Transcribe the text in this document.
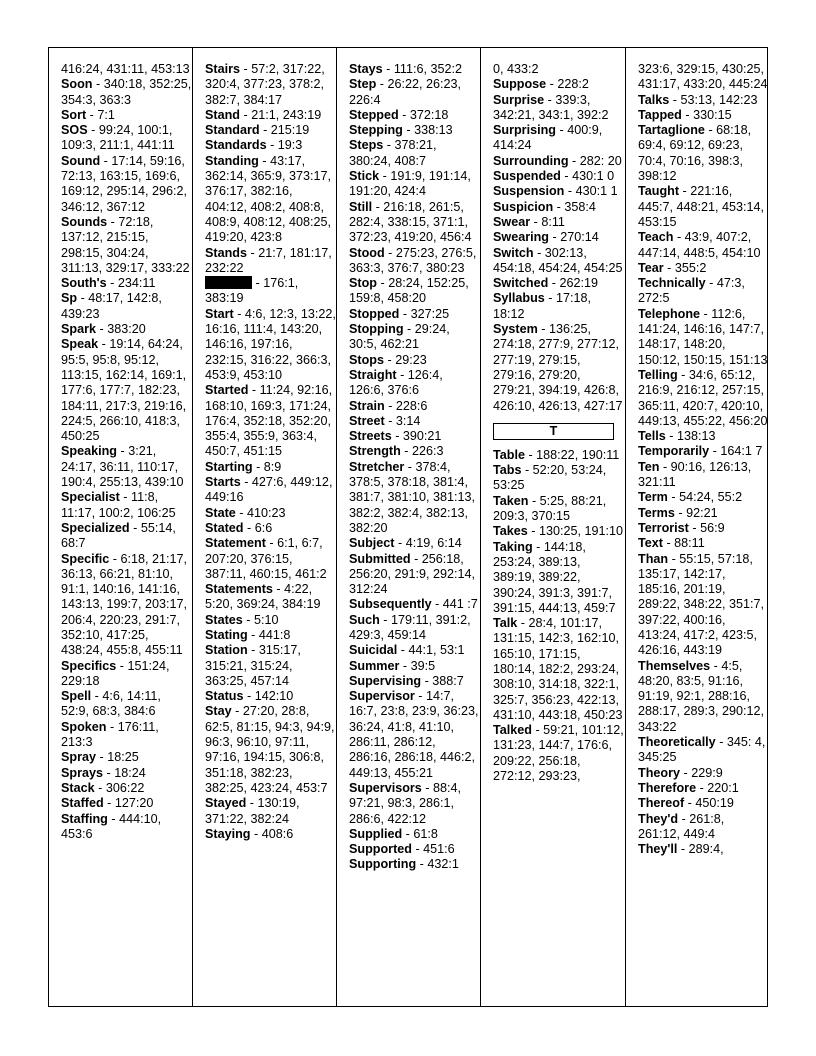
416:24, 431:11, 453:13
Soon - 340:18, 352:25, 354:3, 363:3
Sort - 7:1
SOS - 99:24, 100:1, 109:3, 211:1, 441:11
Sound - 17:14, 59:16, 72:13, 163:15, 169:6, 169:12, 295:14, 296:2, 346:12, 367:12
Sounds - 72:18, 137:12, 215:15, 298:15, 304:24, 311:13, 329:17, 333:22
South's - 234:11
Sp - 48:17, 142:8, 439:23
Spark - 383:20
Speak - 19:14, 64:24, 95:5, 95:8, 95:12, 113:15, 162:14, 169:1, 177:6, 177:7, 182:23, 184:11, 217:3, 219:16, 224:5, 266:10, 418:3, 450:25
Speaking - 3:21, 24:17, 36:11, 110:17, 190:4, 255:13, 439:10
Specialist - 11:8, 11:17, 100:2, 106:25
Specialized - 55:14, 68:7
Specific - 6:18, 21:17, 36:13, 66:21, 81:10, 91:1, 140:16, 141:16, 143:13, 199:7, 203:17, 206:4, 220:23, 291:7, 352:10, 417:25, 438:24, 455:8, 455:11
Specifics - 151:24, 229:18
Spell - 4:6, 14:11, 52:9, 68:3, 384:6
Spoken - 176:11, 213:3
Spray - 18:25
Sprays - 18:24
Stack - 306:22
Staffed - 127:20
Staffing - 444:10, 453:6
Stairs - 57:2, 317:22, 320:4, 377:23, 378:2, 382:7, 384:17
Stand - 21:1, 243:19
Standard - 215:19
Standards - 19:3
Standing - 43:17, 362:14, 365:9, 373:17, 376:17, 382:16, 404:12, 408:2, 408:8, 408:9, 408:12, 408:25, 419:20, 423:8
Stands - 21:7, 181:17, 232:22
- 176:1, 383:19
Start - 4:6, 12:3, 13:22, 16:16, 111:4, 143:20, 146:16, 197:16, 232:15, 316:22, 366:3, 453:9, 453:10
Started - 11:24, 92:16, 168:10, 169:3, 171:24, 176:4, 352:18, 352:20, 355:4, 355:9, 363:4, 450:7, 451:15
Starting - 8:9
Starts - 427:6, 449:12, 449:16
State - 410:23
Stated - 6:6
Statement - 6:1, 6:7, 207:20, 376:15, 387:11, 460:15, 461:2
Statements - 4:22, 5:20, 369:24, 384:19
States - 5:10
Stating - 441:8
Station - 315:17, 315:21, 315:24, 363:25, 457:14
Status - 142:10
Stay - 27:20, 28:8, 62:5, 81:15, 94:3, 94:9, 96:3, 96:10, 97:11, 97:16, 194:15, 306:8, 351:18, 382:23, 382:25, 423:24, 453:7
Stayed - 130:19, 371:22, 382:24
Staying - 408:6
Stays - 111:6, 352:2
Step - 26:22, 26:23, 226:4
Stepped - 372:18
Stepping - 338:13
Steps - 378:21, 380:24, 408:7
Stick - 191:9, 191:14, 191:20, 424:4
Still - 216:18, 261:5, 282:4, 338:15, 371:1, 372:23, 419:20, 456:4
Stood - 275:23, 276:5, 363:3, 376:7, 380:23
Stop - 28:24, 152:25, 159:8, 458:20
Stopped - 327:25
Stopping - 29:24, 30:5, 462:21
Stops - 29:23
Straight - 126:4, 126:6, 376:6
Strain - 228:6
Street - 3:14
Streets - 390:21
Strength - 226:3
Stretcher - 378:4, 378:5, 378:18, 381:4, 381:7, 381:10, 381:13, 382:2, 382:4, 382:13, 382:20
Subject - 4:19, 6:14
Submitted - 256:18, 256:20, 291:9, 292:14, 312:24
Subsequently - 441 :7
Such - 179:11, 391:2, 429:3, 459:14
Suicidal - 44:1, 53:1
Summer - 39:5
Supervising - 388:7
Supervisor - 14:7, 16:7, 23:8, 23:9, 36:23, 36:24, 41:8, 41:10, 286:11, 286:12, 286:16, 286:18, 446:2, 449:13, 455:21
Supervisors - 88:4, 97:21, 98:3, 286:1, 286:6, 422:12
Supplied - 61:8
Supported - 451:6
Supporting - 432:1
0, 433:2
Suppose - 228:2
Surprise - 339:3, 342:21, 343:1, 392:2
Surprising - 400:9, 414:24
Surrounding - 282: 20
Suspended - 430:1 0
Suspension - 430:1 1
Suspicion - 358:4
Swear - 8:11
Swearing - 270:14
Switch - 302:13, 454:18, 454:24, 454:25
Switched - 262:19
Syllabus - 17:18, 18:12
System - 136:25, 274:18, 277:9, 277:12, 277:19, 279:15, 279:16, 279:20, 279:21, 394:19, 426:8, 426:10, 426:13, 427:17
T
Table - 188:22, 190:11
Tabs - 52:20, 53:24, 53:25
Taken - 5:25, 88:21, 209:3, 370:15
Takes - 130:25, 191:10
Taking - 144:18, 253:24, 389:13, 389:19, 389:22, 390:24, 391:3, 391:7, 391:15, 444:13, 459:7
Talk - 28:4, 101:17, 131:15, 142:3, 162:10, 165:10, 171:15, 180:14, 182:2, 293:24, 308:10, 314:18, 322:1, 325:7, 356:23, 422:13, 431:10, 443:18, 450:23
Talked - 59:21, 101:12, 131:23, 144:7, 176:6, 209:22, 256:18, 272:12, 293:23,
323:6, 329:15, 430:25, 431:17, 433:20, 445:24
Talks - 53:13, 142:23
Tapped - 330:15
Tartaglione - 68:18, 69:4, 69:12, 69:23, 70:4, 70:16, 398:3, 398:12
Taught - 221:16, 445:7, 448:21, 453:14, 453:15
Teach - 43:9, 407:2, 447:14, 448:5, 454:10
Tear - 355:2
Technically - 47:3, 272:5
Telephone - 112:6, 141:24, 146:16, 147:7, 148:17, 148:20, 150:12, 150:15, 151:13
Telling - 34:6, 65:12, 216:9, 216:12, 257:15, 365:11, 420:7, 420:10, 449:13, 455:22, 456:20
Tells - 138:13
Temporarily - 164:1 7
Ten - 90:16, 126:13, 321:11
Term - 54:24, 55:2
Terms - 92:21
Terrorist - 56:9
Text - 88:11
Than - 55:15, 57:18, 135:17, 142:17, 185:16, 201:19, 289:22, 348:22, 351:7, 397:22, 400:16, 413:24, 417:2, 423:5, 426:16, 443:19
Themselves - 4:5, 48:20, 83:5, 91:16, 91:19, 92:1, 288:16, 288:17, 289:3, 290:12, 343:22
Theoretically - 345: 4, 345:25
Theory - 229:9
Therefore - 220:1
Thereof - 450:19
They'd - 261:8, 261:12, 449:4
They'll - 289:4,
